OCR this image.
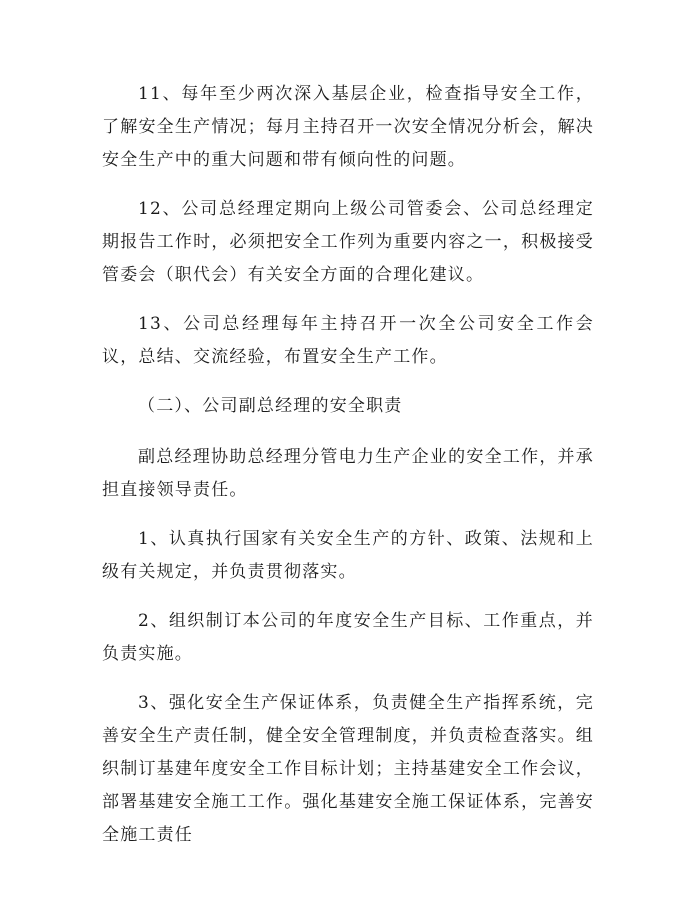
11、每年至少两次深入基层企业，检查指导安全工作，了解安全生产情况；每月主持召开一次安全情况分析会，解决安全生产中的重大问题和带有倾向性的问题。

12、公司总经理定期向上级公司管委会、公司总经理定期报告工作时，必须把安全工作列为重要内容之一，积极接受管委会（职代会）有关安全方面的合理化建议。

13、公司总经理每年主持召开一次全公司安全工作会议，总结、交流经验，布置安全生产工作。

（二）、公司副总经理的安全职责

副总经理协助总经理分管电力生产企业的安全工作，并承担直接领导责任。

1、认真执行国家有关安全生产的方针、政策、法规和上级有关规定，并负责贯彻落实。

2、组织制订本公司的年度安全生产目标、工作重点，并负责实施。

3、强化安全生产保证体系，负责健全生产指挥系统，完善安全生产责任制，健全安全管理制度，并负责检查落实。组织制订基建年度安全工作目标计划；主持基建安全工作会议，部署基建安全施工工作。强化基建安全施工保证体系，完善安全施工责任
